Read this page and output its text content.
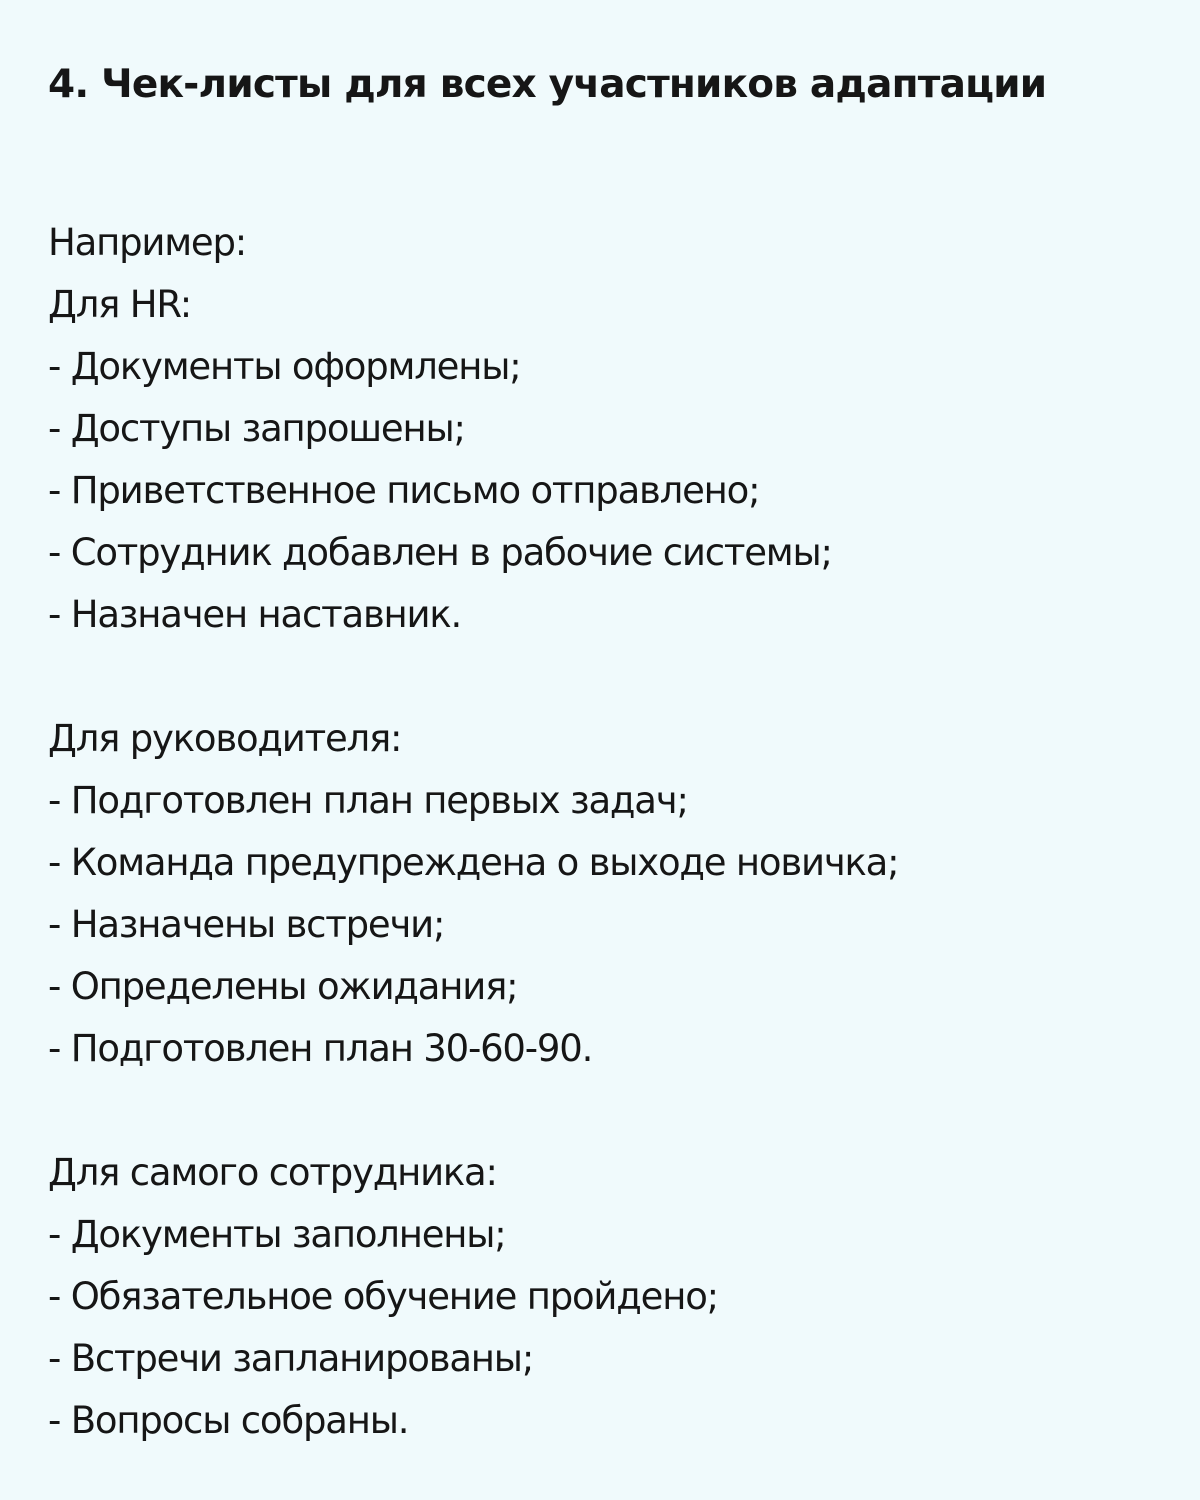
4. Чек-листы для всех участников адаптации
Например:
Для HR:
- Документы оформлены;
- Доступы запрошены;
- Приветственное письмо отправлено;
- Сотрудник добавлен в рабочие системы;
- Назначен наставник.
Для руководителя:
- Подготовлен план первых задач;
- Команда предупреждена о выходе новичка;
- Назначены встречи;
- Определены ожидания;
- Подготовлен план 30-60-90.
Для самого сотрудника:
- Документы заполнены;
- Обязательное обучение пройдено;
- Встречи запланированы;
- Вопросы собраны.
